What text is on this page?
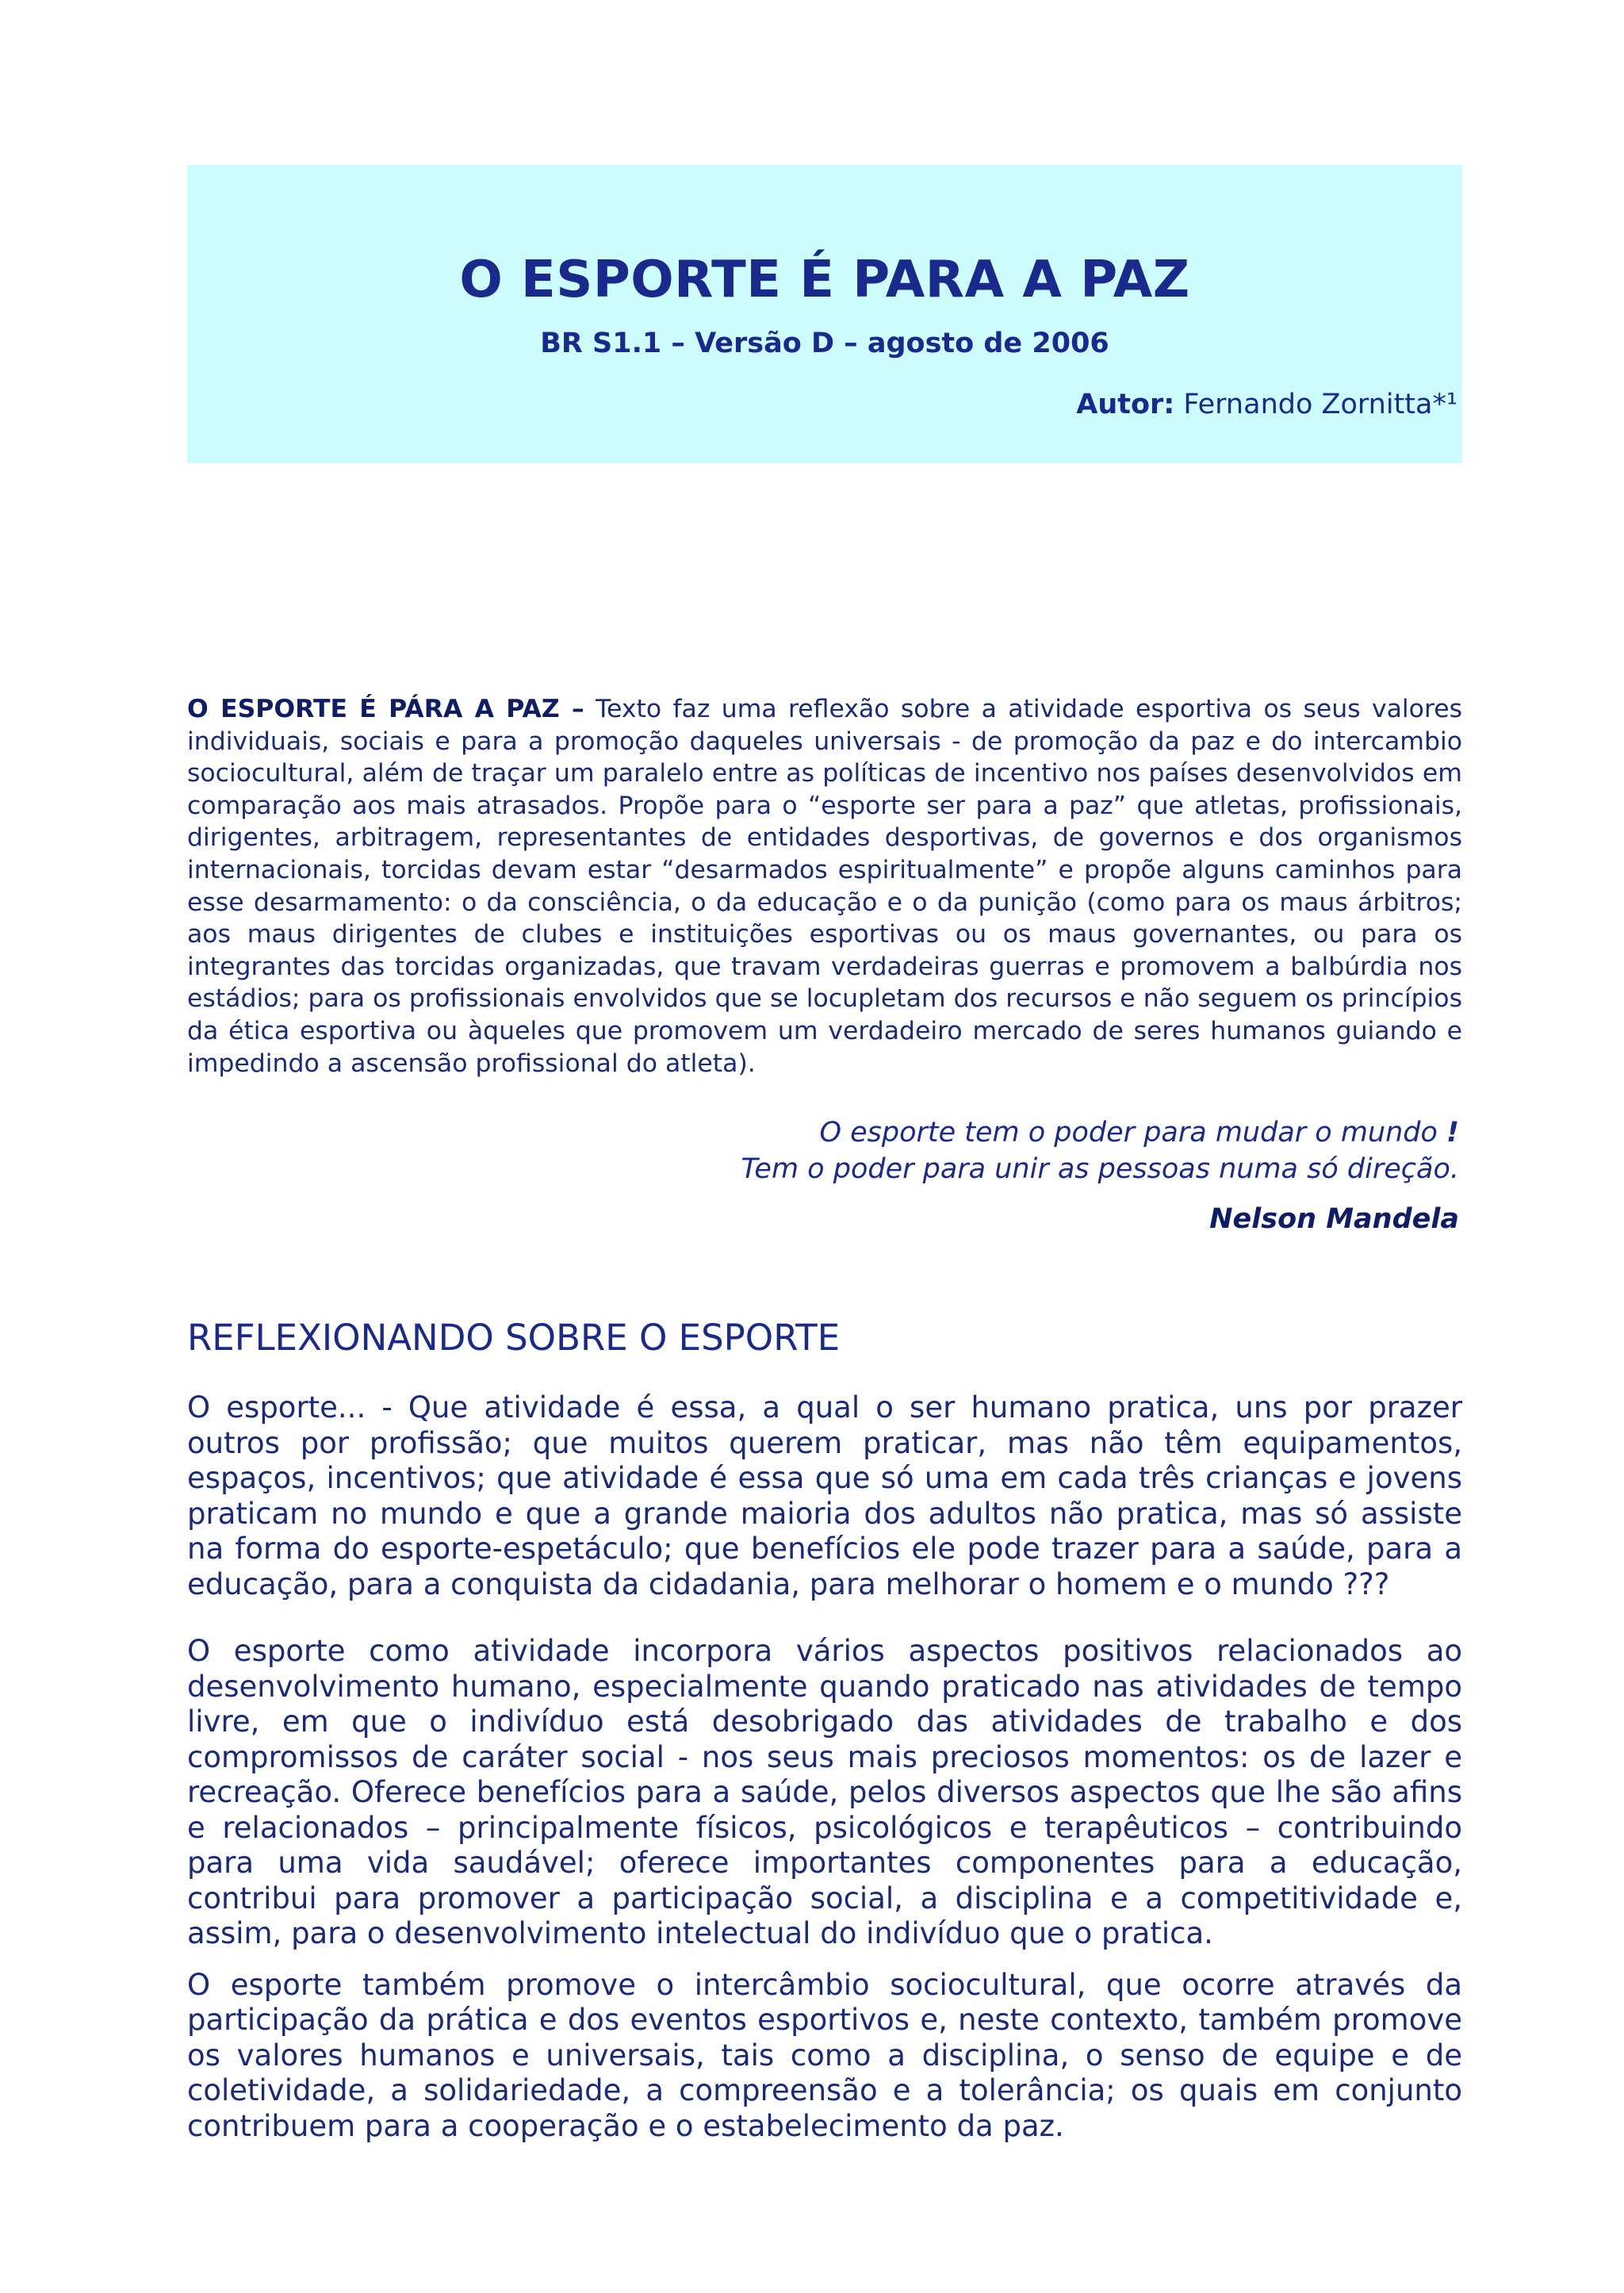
O ESPORTE É PARA A PAZ
BR S1.1 – Versão D – agosto de 2006
Autor: Fernando Zornitta*¹
O ESPORTE É PÁRA A PAZ – Texto faz uma reflexão sobre a atividade esportiva os seus valores individuais, sociais e para a promoção daqueles universais - de promoção da paz e do intercambio sociocultural, além de traçar um paralelo entre as políticas de incentivo nos países desenvolvidos em comparação aos mais atrasados. Propõe para o “esporte ser para a paz” que atletas, profissionais, dirigentes, arbitragem, representantes de entidades desportivas, de governos e dos organismos internacionais, torcidas devam estar “desarmados espiritualmente” e propõe alguns caminhos para esse desarmamento: o da consciência, o da educação e o da punição (como para os maus árbitros; aos maus dirigentes de clubes e instituições esportivas ou os maus governantes, ou para os integrantes das torcidas organizadas, que travam verdadeiras guerras e promovem a balbúrdia nos estádios; para os profissionais envolvidos que se locupletam dos recursos e não seguem os princípios da ética esportiva ou àqueles que promovem um verdadeiro mercado de seres humanos guiando e impedindo a ascensão profissional do atleta).
O esporte tem o poder para mudar o mundo !
Tem o poder para unir as pessoas numa só direção.
Nelson Mandela
REFLEXIONANDO SOBRE O ESPORTE

O esporte... - Que atividade é essa, a qual o ser humano pratica, uns por prazer outros por profissão; que muitos querem praticar, mas não têm equipamentos, espaços, incentivos; que atividade é essa que só uma em cada três crianças e jovens praticam no mundo e que a grande maioria dos adultos não pratica, mas só assiste na forma do esporte-espetáculo; que benefícios ele pode trazer para a saúde, para a educação, para a conquista da cidadania, para melhorar o homem e o mundo ???

O esporte como atividade incorpora vários aspectos positivos relacionados ao desenvolvimento humano, especialmente quando praticado nas atividades de tempo livre, em que o indivíduo está desobrigado das atividades de trabalho e dos compromissos de caráter social - nos seus mais preciosos momentos: os de lazer e recreação. Oferece benefícios para a saúde, pelos diversos aspectos que lhe são afins e relacionados – principalmente físicos, psicológicos e terapêuticos – contribuindo para uma vida saudável; oferece importantes componentes para a educação, contribui para promover a participação social, a disciplina e a competitividade e, assim, para o desenvolvimento intelectual do indivíduo que o pratica.

O esporte também promove o intercâmbio sociocultural, que ocorre através da participação da prática e dos eventos esportivos e, neste contexto, também promove os valores humanos e universais, tais como a disciplina, o senso de equipe e de coletividade, a solidariedade, a compreensão e a tolerância; os quais em conjunto contribuem para a cooperação e o estabelecimento da paz.
